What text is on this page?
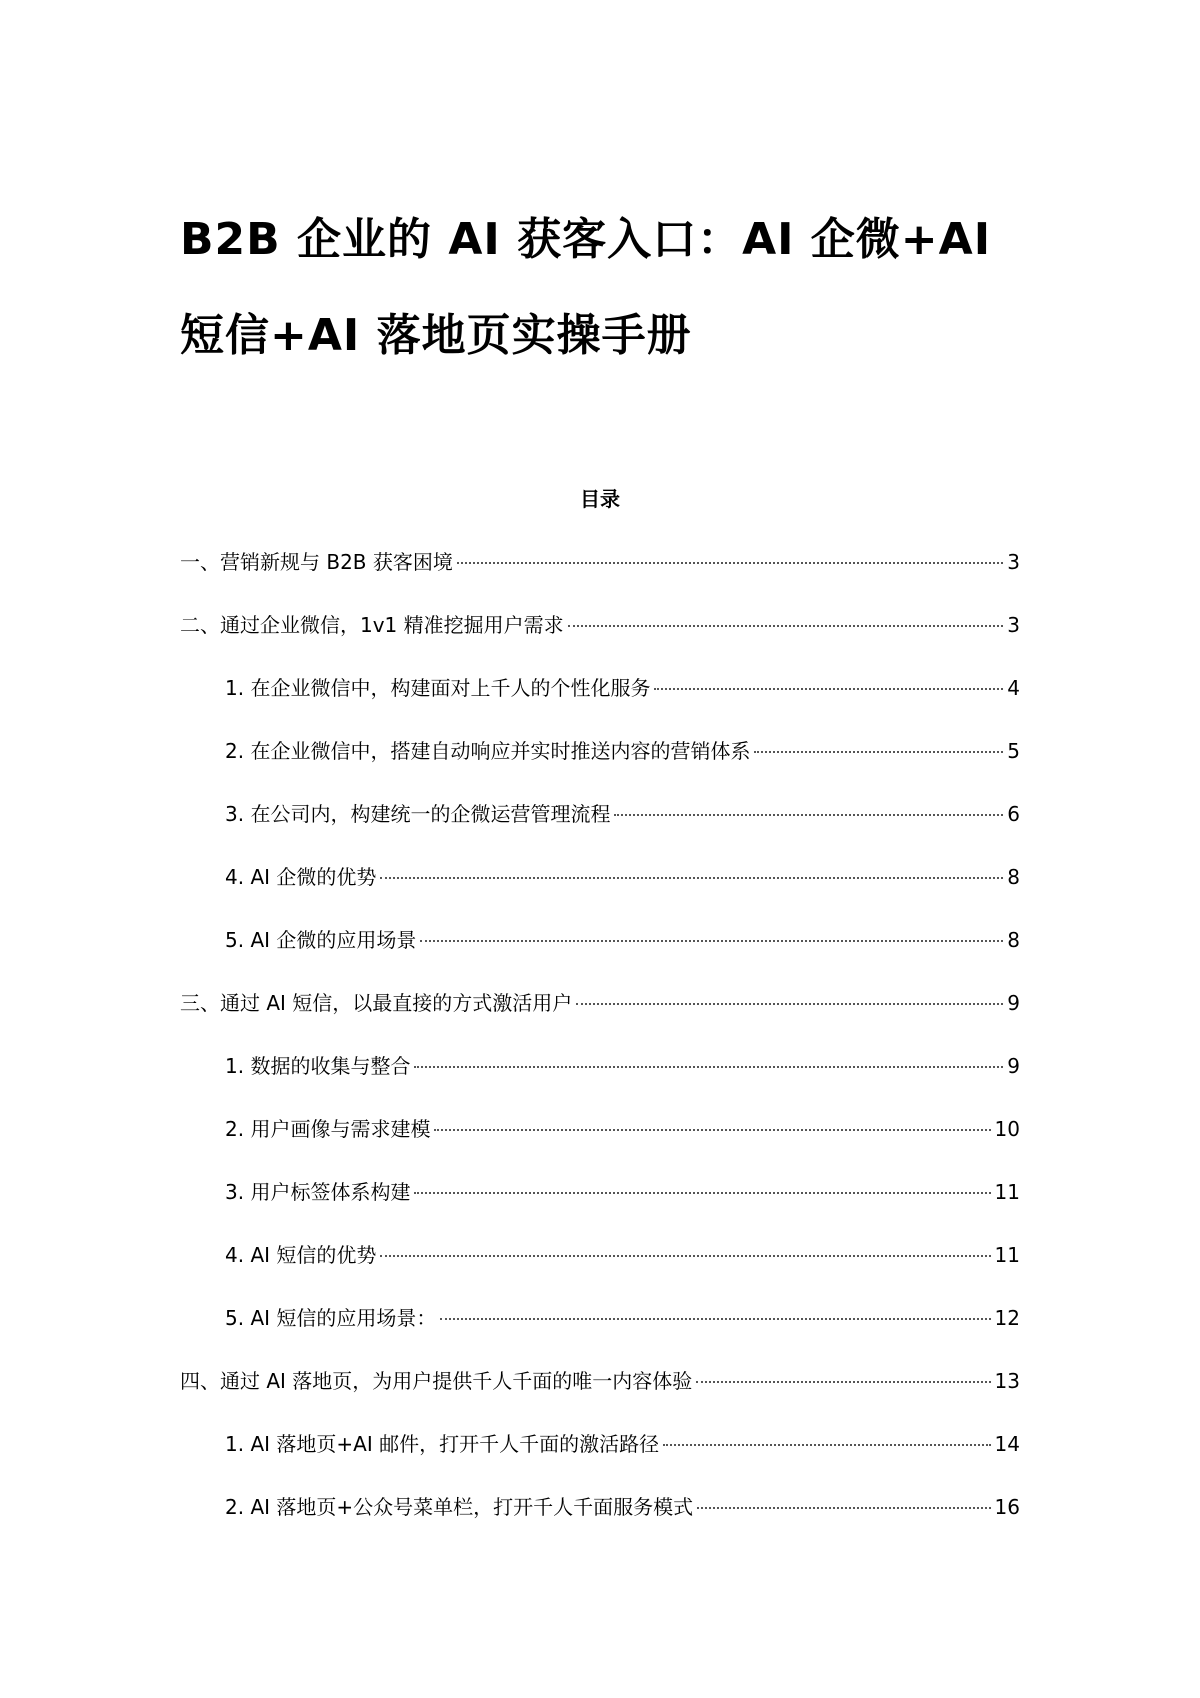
B2B 企业的 AI 获客入口：AI 企微+AI 短信+AI 落地页实操手册
目录
一、营销新规与 B2B 获客困境	3
二、通过企业微信，1v1 精准挖掘用户需求	3
1. 在企业微信中，构建面对上千人的个性化服务	4
2. 在企业微信中，搭建自动响应并实时推送内容的营销体系	5
3. 在公司内，构建统一的企微运营管理流程	6
4. AI 企微的优势	8
5. AI 企微的应用场景	8
三、通过 AI 短信，以最直接的方式激活用户	9
1. 数据的收集与整合	9
2. 用户画像与需求建模	10
3. 用户标签体系构建	11
4. AI 短信的优势	11
5. AI 短信的应用场景：	12
四、通过 AI 落地页，为用户提供千人千面的唯一内容体验	13
1. AI 落地页+AI 邮件，打开千人千面的激活路径	14
2. AI 落地页+公众号菜单栏，打开千人千面服务模式	16
